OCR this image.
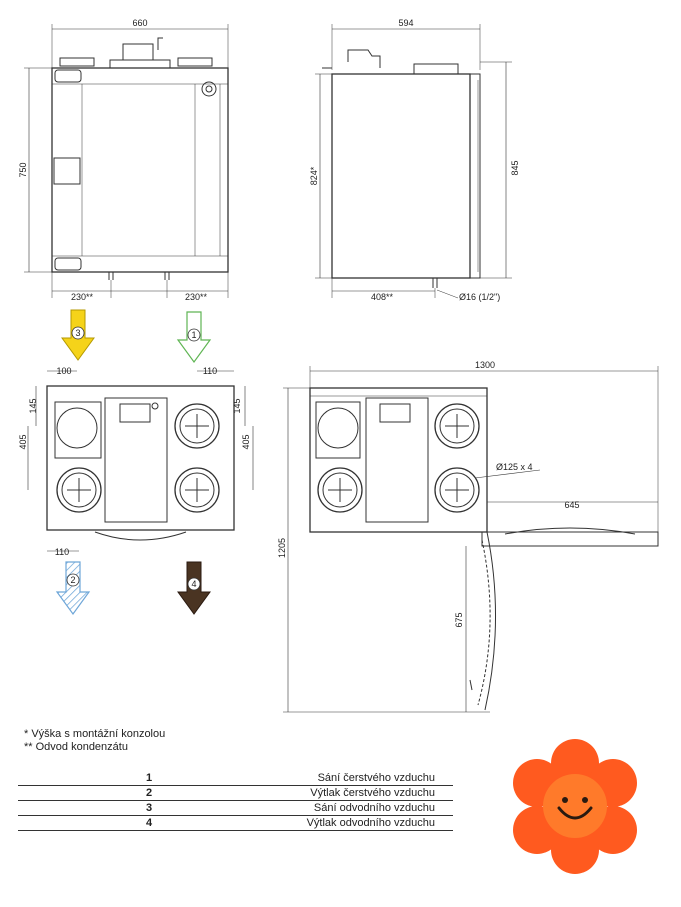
3	1
2	4
660
750
230**	230**
594
824*	845
408**	Ø16 (1/2")
100	110
145
405
145
405
110
1300
Ø125 x 4
645
1205
675
* Výška s montážní konzolou
** Odvod kondenzátu
1	Sání čerstvého vzduchu
2	Výtlak čerstvého vzduchu
3	Sání odvodního vzduchu
4	Výtlak odvodního vzduchu
